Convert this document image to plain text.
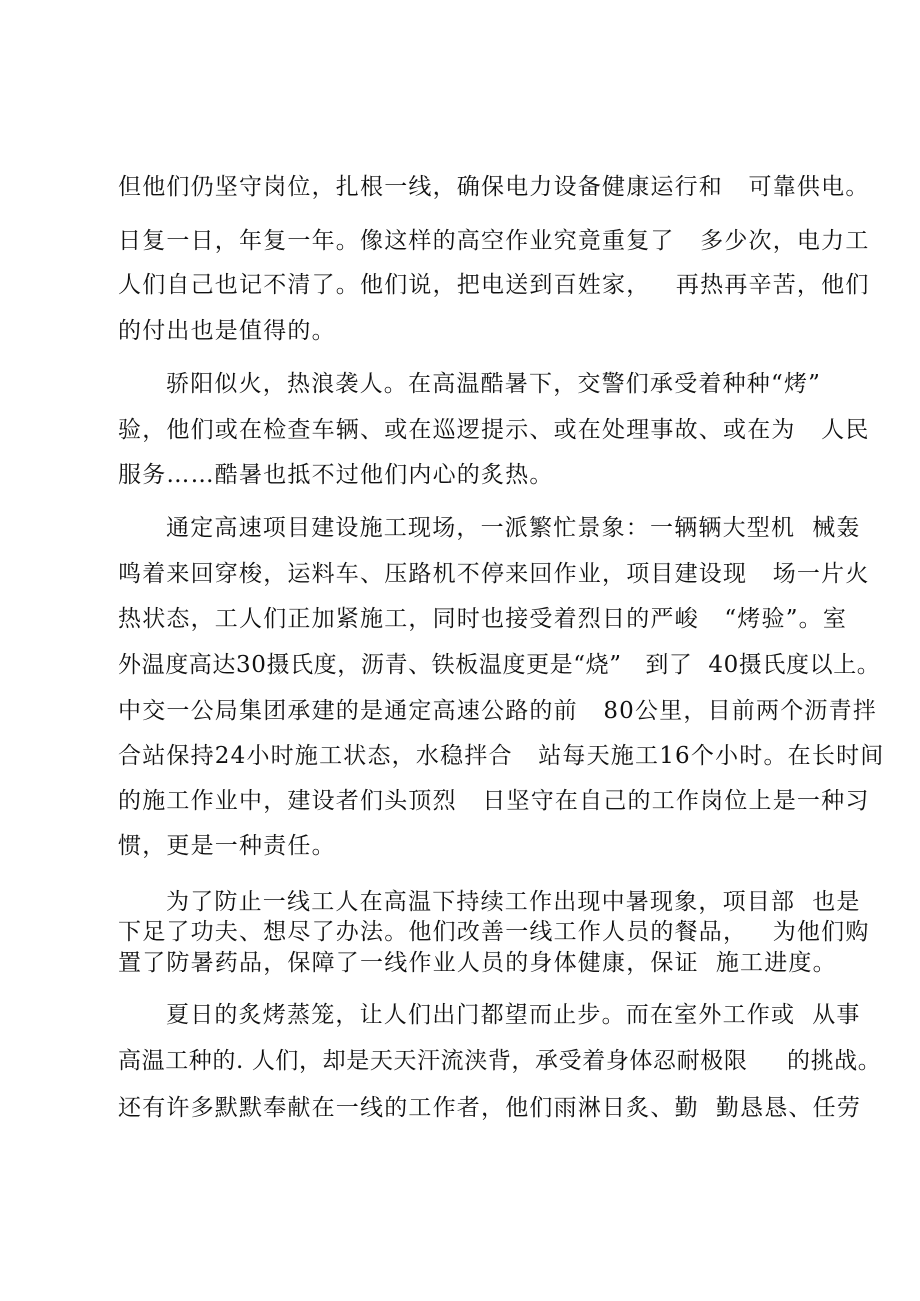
但他们仍坚守岗位，扎根一线，确保电力设备健康运行和   可靠供电。
日复一日，年复一年。像这样的高空作业究竟重复了   多少次，电力工
人们自己也记不清了。他们说，把电送到百姓家，   再热再辛苦，他们
的付出也是值得的。
骄阳似火，热浪袭人。在高温酷暑下，交警们承受着种种“烤”
验，他们或在检查车辆、或在巡逻提示、或在处理事故、或在为   人民
服务……酷暑也抵不过他们内心的炙热。
通定高速项目建设施工现场，一派繁忙景象：一辆辆大型机  械轰
鸣着来回穿梭，运料车、压路机不停来回作业，项目建设现   场一片火
热状态，工人们正加紧施工，同时也接受着烈日的严峻   “烤验”。室
外温度高达30摄氏度，沥青、铁板温度更是“烧”   到了  40摄氏度以上。
中交一公局集团承建的是通定高速公路的前   80公里，目前两个沥青拌
合站保持24小时施工状态，水稳拌合   站每天施工16个小时。在长时间
的施工作业中，建设者们头顶烈   日坚守在自己的工作岗位上是一种习
惯，更是一种责任。
为了防止一线工人在高温下持续工作出现中暑现象，项目部  也是
下足了功夫、想尽了办法。他们改善一线工作人员的餐品，   为他们购
置了防暑药品，保障了一线作业人员的身体健康，保证  施工进度。
夏日的炙烤蒸笼，让人们出门都望而止步。而在室外工作或  从事
高温工种的. 人们，却是天天汗流浃背，承受着身体忍耐极限     的挑战。
还有许多默默奉献在一线的工作者，他们雨淋日炙、勤  勤恳恳、任劳
